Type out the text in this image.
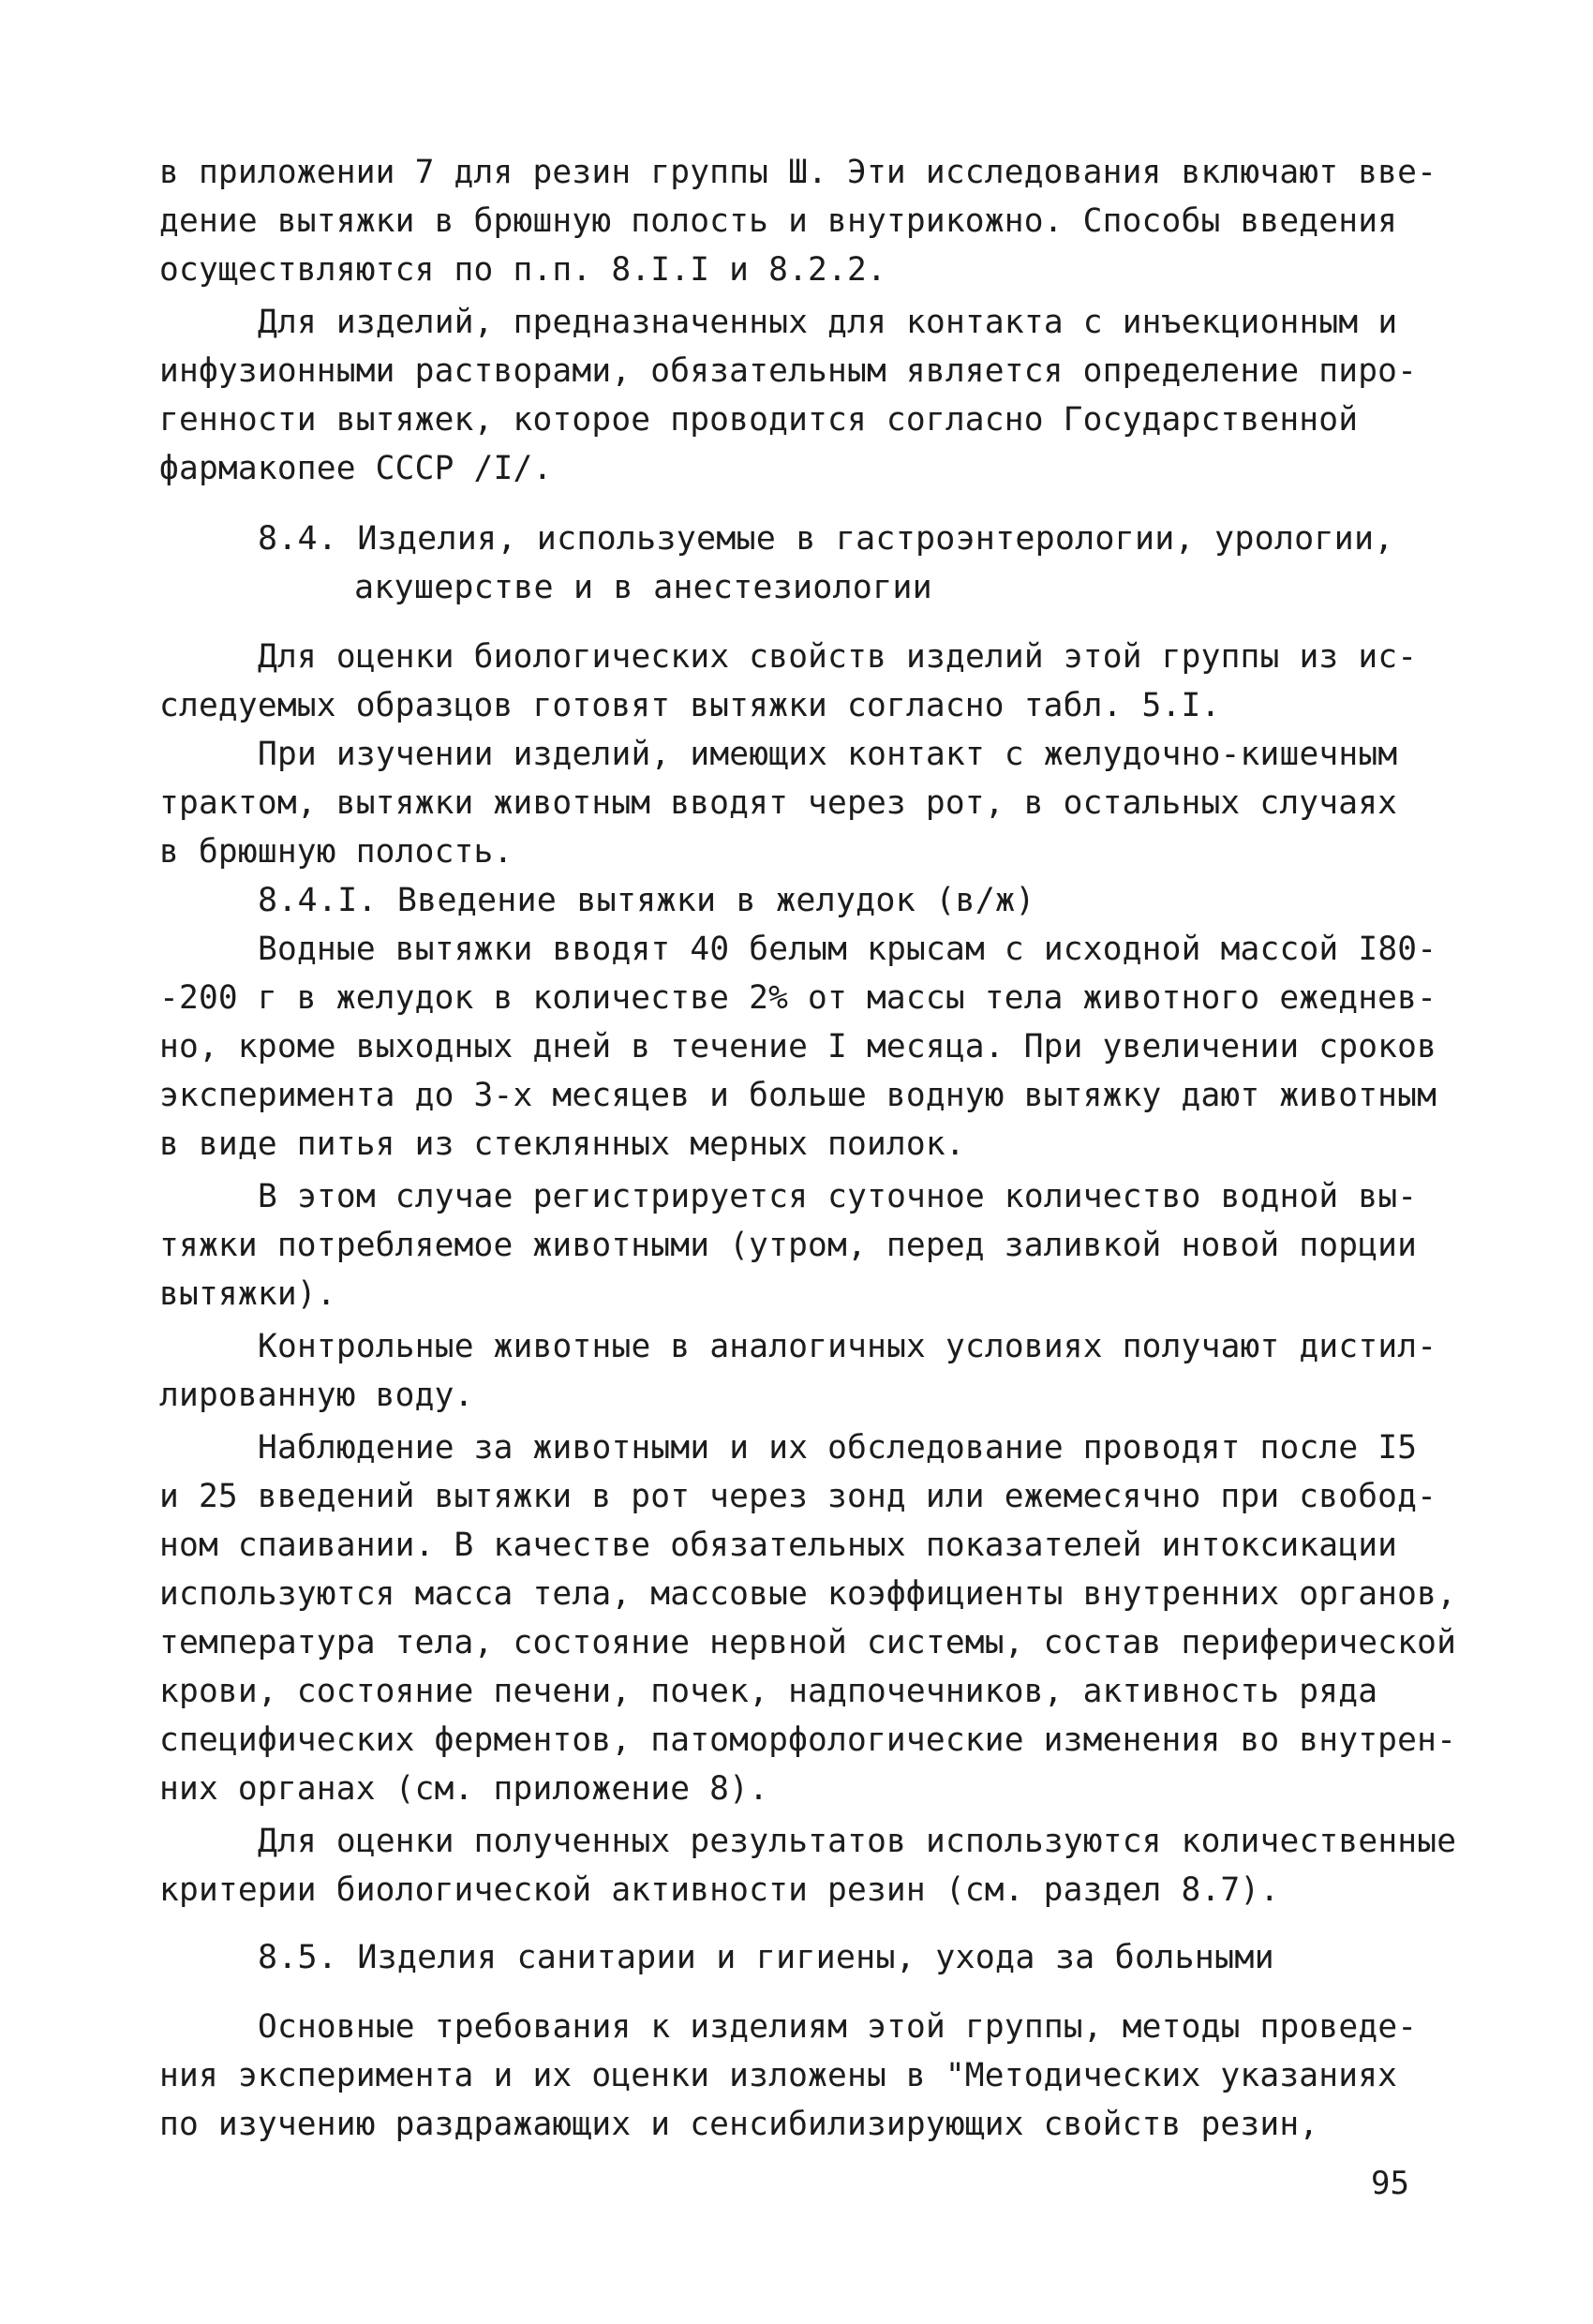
в приложении 7 для резин группы Ш. Эти исследования включают вве-
дение вытяжки в брюшную полость и внутрикожно. Способы введения
осуществляются по п.п. 8.I.I и 8.2.2.
Для изделий, предназначенных для контакта с инъекционным и
инфузионными растворами, обязательным является определение пиро-
генности вытяжек, которое проводится согласно Государственной
фармакопее СССР /I/.
8.4. Изделия, используемые в гастроэнтерологии, урологии,
акушерстве и в анестезиологии
Для оценки биологических свойств изделий этой группы из ис-
следуемых образцов готовят вытяжки согласно табл. 5.I.
При изучении изделий, имеющих контакт с желудочно-кишечным
трактом, вытяжки животным вводят через рот, в остальных случаях
в брюшную полость.
8.4.I. Введение вытяжки в желудок (в/ж)
Водные вытяжки вводят 40 белым крысам с исходной массой I80-
-200 г в желудок в количестве 2% от массы тела животного ежеднев-
но, кроме выходных дней в течение I месяца. При увеличении сроков
эксперимента до 3-х месяцев и больше водную вытяжку дают животным
в виде питья из стеклянных мерных поилок.
В этом случае регистрируется суточное количество водной вы-
тяжки потребляемое животными (утром, перед заливкой новой порции
вытяжки).
Контрольные животные в аналогичных условиях получают дистил-
лированную воду.
Наблюдение за животными и их обследование проводят после I5
и 25 введений вытяжки в рот через зонд или ежемесячно при свобод-
ном спаивании. В качестве обязательных показателей интоксикации
используются масса тела, массовые коэффициенты внутренних органов,
температура тела, состояние нервной системы, состав периферической
крови, состояние печени, почек, надпочечников, активность ряда
специфических ферментов, патоморфологические изменения во внутрен-
них органах (см. приложение 8).
Для оценки полученных результатов используются количественные
критерии биологической активности резин (см. раздел 8.7).
8.5. Изделия санитарии и гигиены, ухода за больными
Основные требования к изделиям этой группы, методы проведе-
ния эксперимента и их оценки изложены в "Методических указаниях
по изучению раздражающих и сенсибилизирующих свойств резин,
95
